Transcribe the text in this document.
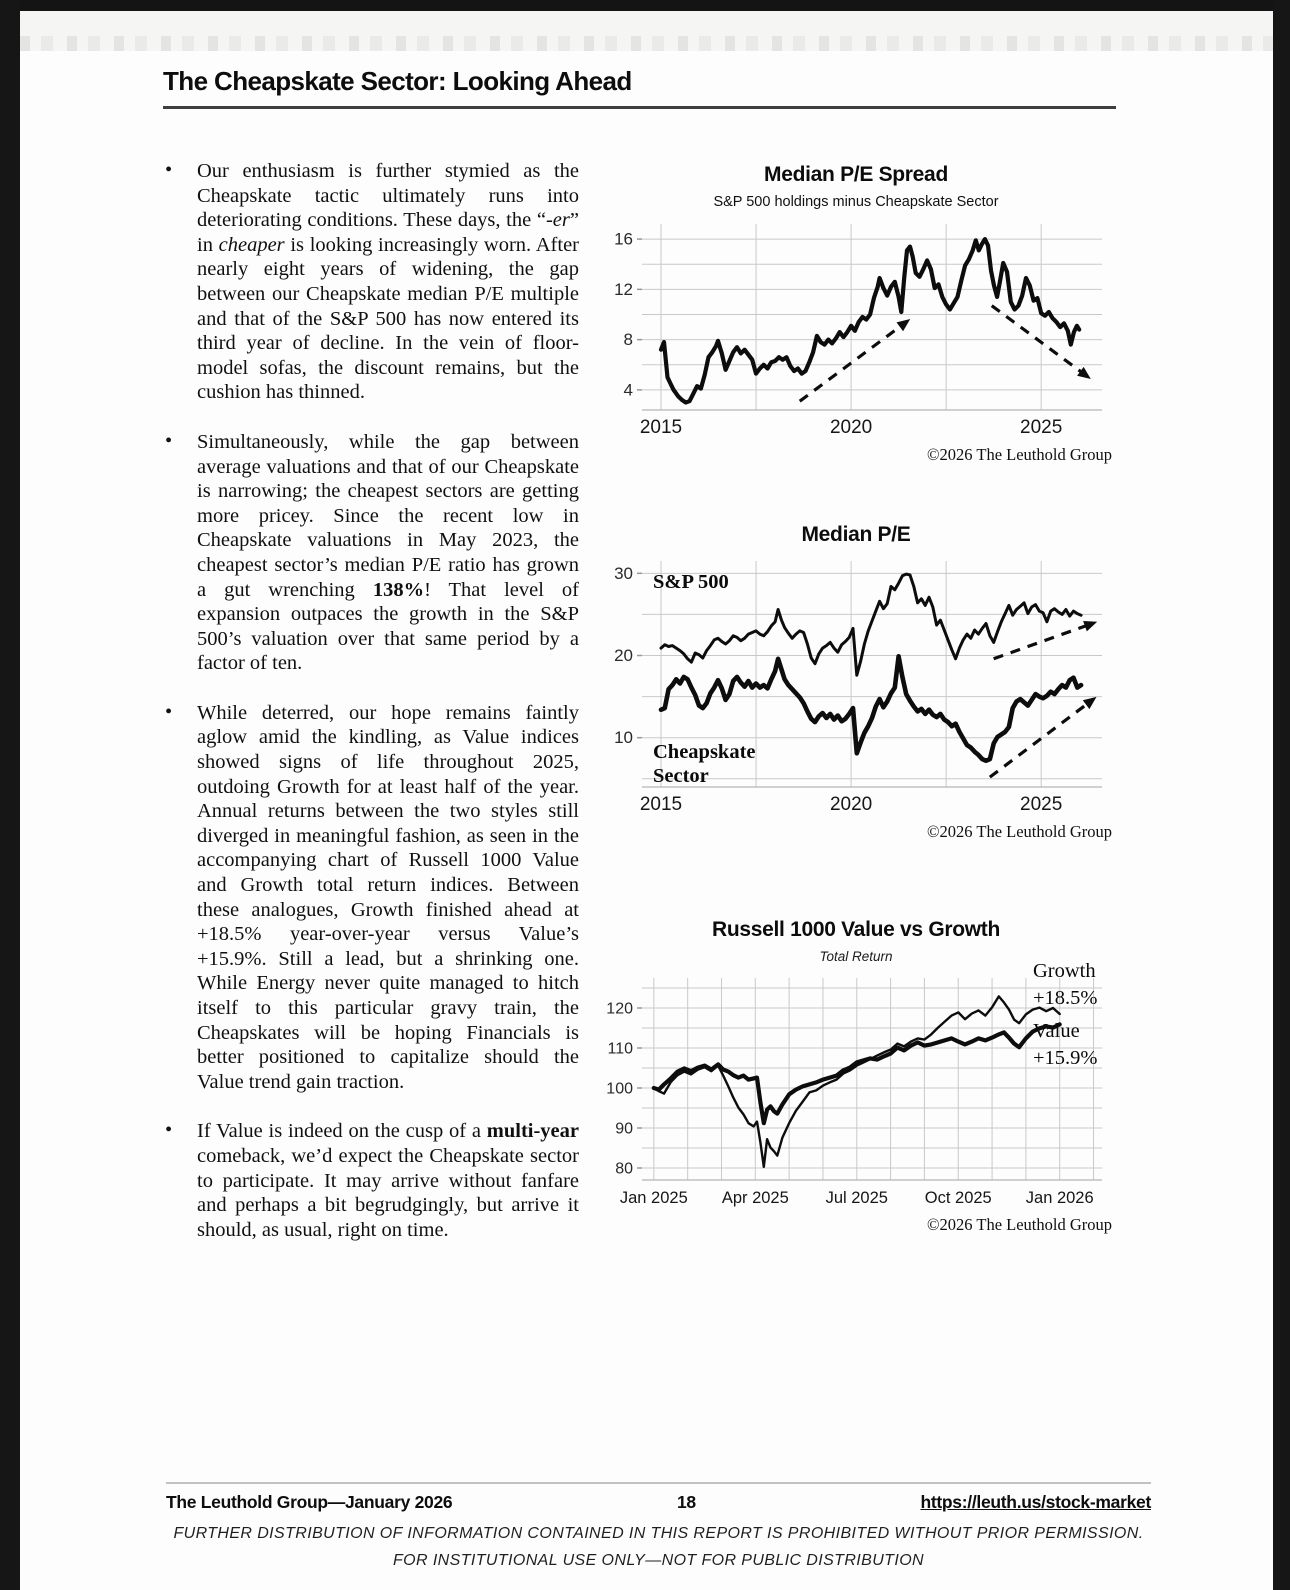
The Cheapskate Sector: Looking Ahead
• Our enthusiasm is further stymied as the Cheapskate tactic ultimately runs into deteriorating conditions. These days, the “-er” in cheaper is looking increasingly worn. After nearly eight years of widening, the gap between our Cheapskate median P/E multiple and that of the S&P 500 has now entered its third year of decline. In the vein of floor-model sofas, the discount remains, but the cushion has thinned.
• Simultaneously, while the gap between average valuations and that of our Cheapskate is narrowing; the cheapest sectors are getting more pricey. Since the recent low in Cheapskate valuations in May 2023, the cheapest sector’s median P/E ratio has grown a gut wrenching 138%! That level of expansion outpaces the growth in the S&P 500’s valuation over that same period by a factor of ten.
• While deterred, our hope remains faintly aglow amid the kindling, as Value indices showed signs of life throughout 2025, outdoing Growth for at least half of the year. Annual returns between the two styles still diverged in meaningful fashion, as seen in the accompanying chart of Russell 1000 Value and Growth total return indices. Between these analogues, Growth finished ahead at +18.5% year-over-year versus Value’s +15.9%. Still a lead, but a shrinking one. While Energy never quite managed to hitch itself to this particular gravy train, the Cheapskates will be hoping Financials is better positioned to capitalize should the Value trend gain traction.
• If Value is indeed on the cusp of a multi-year comeback, we’d expect the Cheapskate sector to participate. It may arrive without fanfare and perhaps a bit begrudgingly, but arrive it should, as usual, right on time.
Median P/E Spread
S&P 500 holdings minus Cheapskate Sector
4
8
12
16
2015	2020	2025
©2026 The Leuthold Group
Median P/E
10
20
30
2015	2020	2025
S&P 500
Cheapskate Sector
©2026 The Leuthold Group
Russell 1000 Value vs Growth
Total Return
80
90
100
110
120
Jan 2025 Apr 2025 Jul 2025 Oct 2025 Jan 2026
Growth
+18.5%
Value
+15.9%
©2026 The Leuthold Group
The Leuthold Group—January 2026	18	https://leuth.us/stock-market
FURTHER DISTRIBUTION OF INFORMATION CONTAINED IN THIS REPORT IS PROHIBITED WITHOUT PRIOR PERMISSION.
FOR INSTITUTIONAL USE ONLY—NOT FOR PUBLIC DISTRIBUTION
